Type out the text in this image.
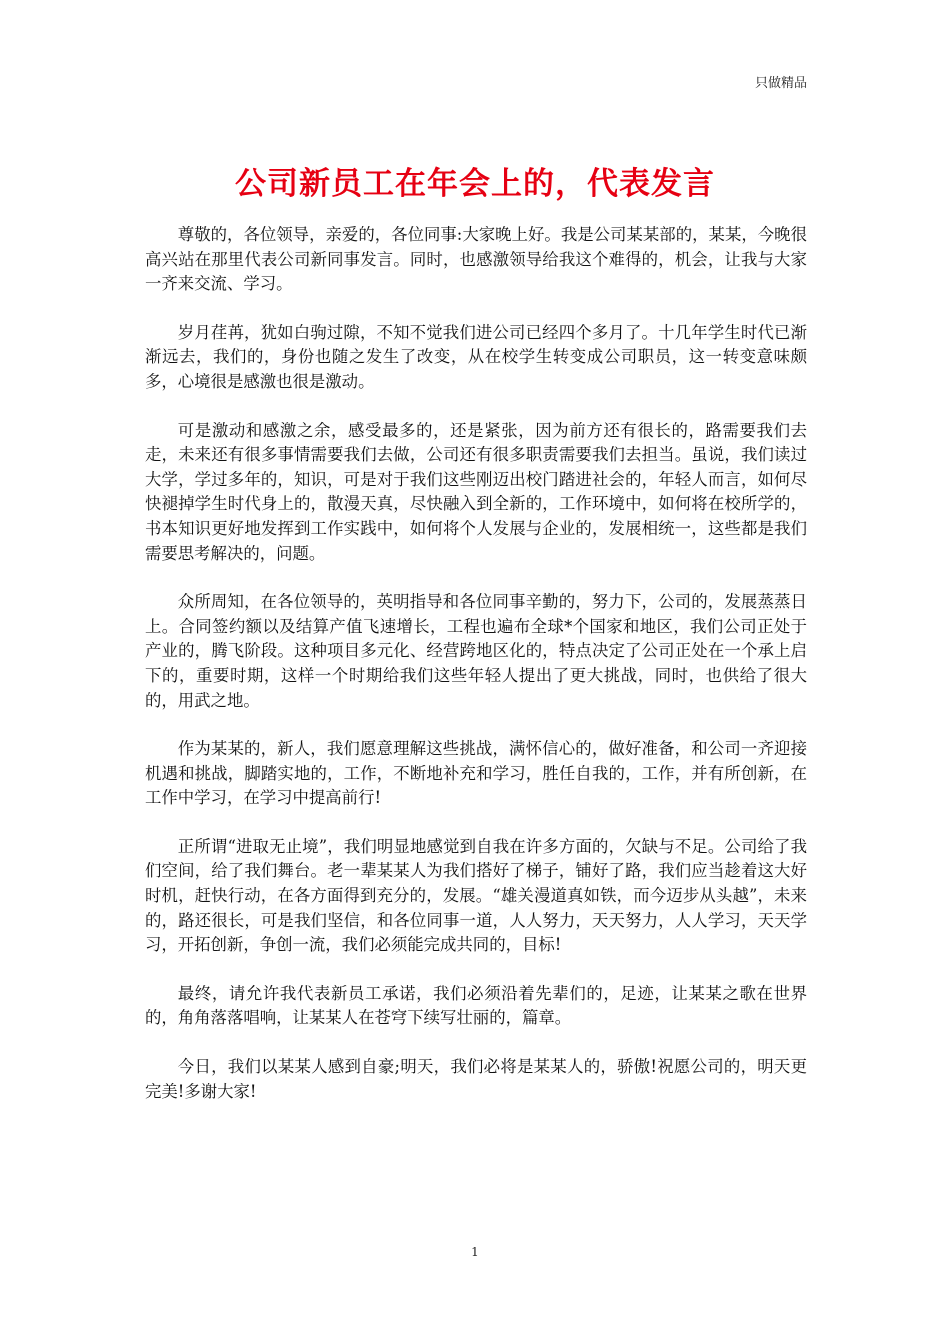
只做精品
公司新员工在年会上的，代表发言

尊敬的，各位领导，亲爱的，各位同事:大家晚上好。我是公司某某部的，某某，今晚很高兴站在那里代表公司新同事发言。同时，也感激领导给我这个难得的，机会，让我与大家一齐来交流、学习。

岁月荏苒，犹如白驹过隙，不知不觉我们进公司已经四个多月了。十几年学生时代已渐渐远去，我们的，身份也随之发生了改变，从在校学生转变成公司职员，这一转变意味颇多，心境很是感激也很是激动。

可是激动和感激之余，感受最多的，还是紧张，因为前方还有很长的，路需要我们去走，未来还有很多事情需要我们去做，公司还有很多职责需要我们去担当。虽说，我们读过大学，学过多年的，知识，可是对于我们这些刚迈出校门踏进社会的，年轻人而言，如何尽快褪掉学生时代身上的，散漫天真，尽快融入到全新的，工作环境中，如何将在校所学的，书本知识更好地发挥到工作实践中，如何将个人发展与企业的，发展相统一，这些都是我们需要思考解决的，问题。

众所周知，在各位领导的，英明指导和各位同事辛勤的，努力下，公司的，发展蒸蒸日上。合同签约额以及结算产值飞速增长，工程也遍布全球*个国家和地区，我们公司正处于产业的，腾飞阶段。这种项目多元化、经营跨地区化的，特点决定了公司正处在一个承上启下的，重要时期，这样一个时期给我们这些年轻人提出了更大挑战，同时，也供给了很大的，用武之地。

作为某某的，新人，我们愿意理解这些挑战，满怀信心的，做好准备，和公司一齐迎接机遇和挑战，脚踏实地的，工作，不断地补充和学习，胜任自我的，工作，并有所创新，在工作中学习，在学习中提高前行!

正所谓“进取无止境”，我们明显地感觉到自我在许多方面的，欠缺与不足。公司给了我们空间，给了我们舞台。老一辈某某人为我们搭好了梯子，铺好了路，我们应当趁着这大好时机，赶快行动，在各方面得到充分的，发展。“雄关漫道真如铁，而今迈步从头越”，未来的，路还很长，可是我们坚信，和各位同事一道，人人努力，天天努力，人人学习，天天学习，开拓创新，争创一流，我们必须能完成共同的，目标!

最终，请允许我代表新员工承诺，我们必须沿着先辈们的，足迹，让某某之歌在世界的，角角落落唱响，让某某人在苍穹下续写壮丽的，篇章。

今日，我们以某某人感到自豪;明天，我们必将是某某人的，骄傲!祝愿公司的，明天更完美!多谢大家!

1
